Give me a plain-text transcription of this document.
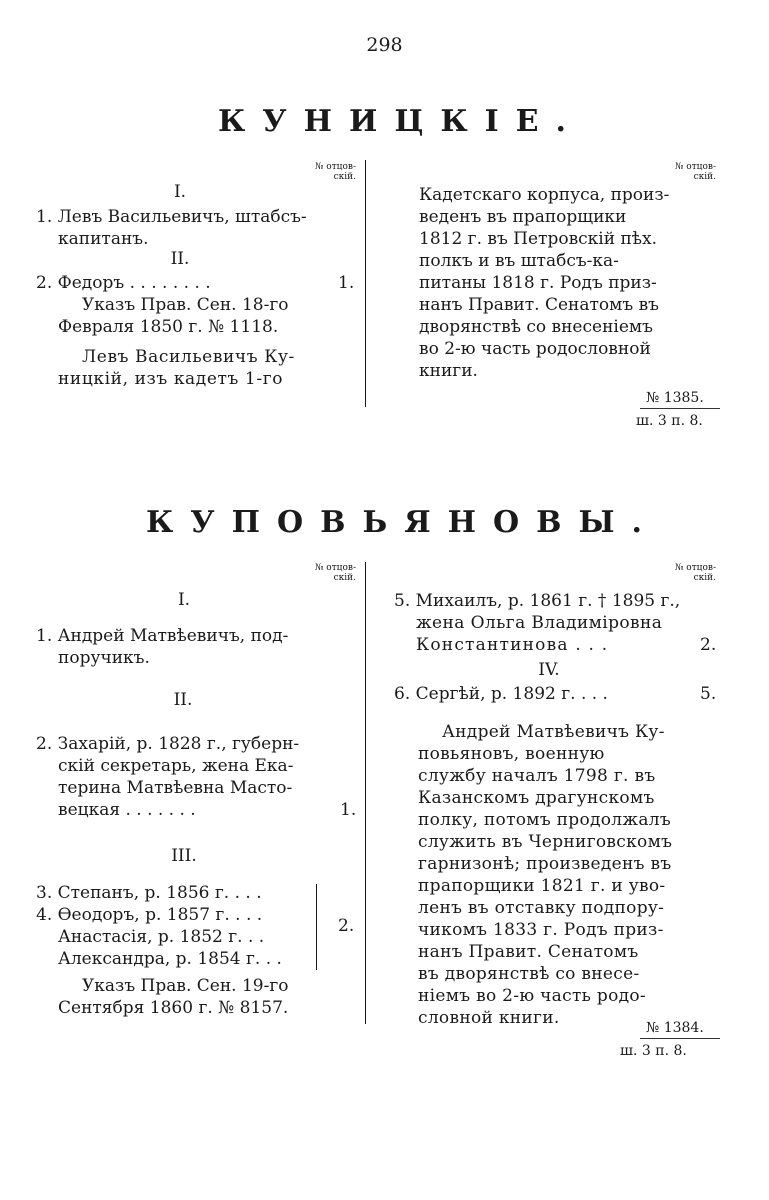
298
КУНИЦКІЕ.
№ отцов-
скій.
I.
1. Левъ Васильевичъ, штабсъ-
капитанъ.
II.
2. Федоръ . . . . . . . .	1.
Указъ Прав. Сен. 18-го
Февраля 1850 г. № 1118.
Левъ Васильевичъ Ку-
ницкій, изъ кадетъ 1-го
№ отцов-
скій.
Кадетскаго корпуса, произ-
веденъ въ прапорщики
1812 г. въ Петровскій пѣх.
полкъ и въ штабсъ-ка-
питаны 1818 г. Родъ приз-
нанъ Правит. Сенатомъ въ
дворянствѣ со внесеніемъ
во 2-ю часть родословной
книги.
№ 1385.
ш. 3 п. 8.
КУПОВЬЯНОВЫ.
№ отцов-
скій.
I.
1. Андрей Матвѣевичъ, под-
поручикъ.
II.
2. Захарій, р. 1828 г., губерн-
скій секретарь, жена Ека-
терина Матвѣевна Масто-
вецкая . . . . . . .	1.
III.
3. Степанъ, р. 1856 г. . . .
4. Ѳеодоръ, р. 1857 г. . . .
Анастасія, р. 1852 г. . .
Александра, р. 1854 г. . .
2.
Указъ Прав. Сен. 19-го
Сентября 1860 г. № 8157.
№ отцов-
скій.
5. Михаилъ, р. 1861 г. † 1895 г.,
жена Ольга Владиміровна
Константинова . . .	2.
IV.
6. Сергѣй, р. 1892 г. . . .	5.
Андрей Матвѣевичъ Ку-
повьяновъ, военную
службу началъ 1798 г. въ
Казанскомъ драгунскомъ
полку, потомъ продолжалъ
служить въ Черниговскомъ
гарнизонѣ; произведенъ въ
прапорщики 1821 г. и уво-
ленъ въ отставку подпору-
чикомъ 1833 г. Родъ приз-
нанъ Правит. Сенатомъ
въ дворянствѣ со внесе-
ніемъ во 2-ю часть родо-
словной книги.	№ 1384.
ш. 3 п. 8.
